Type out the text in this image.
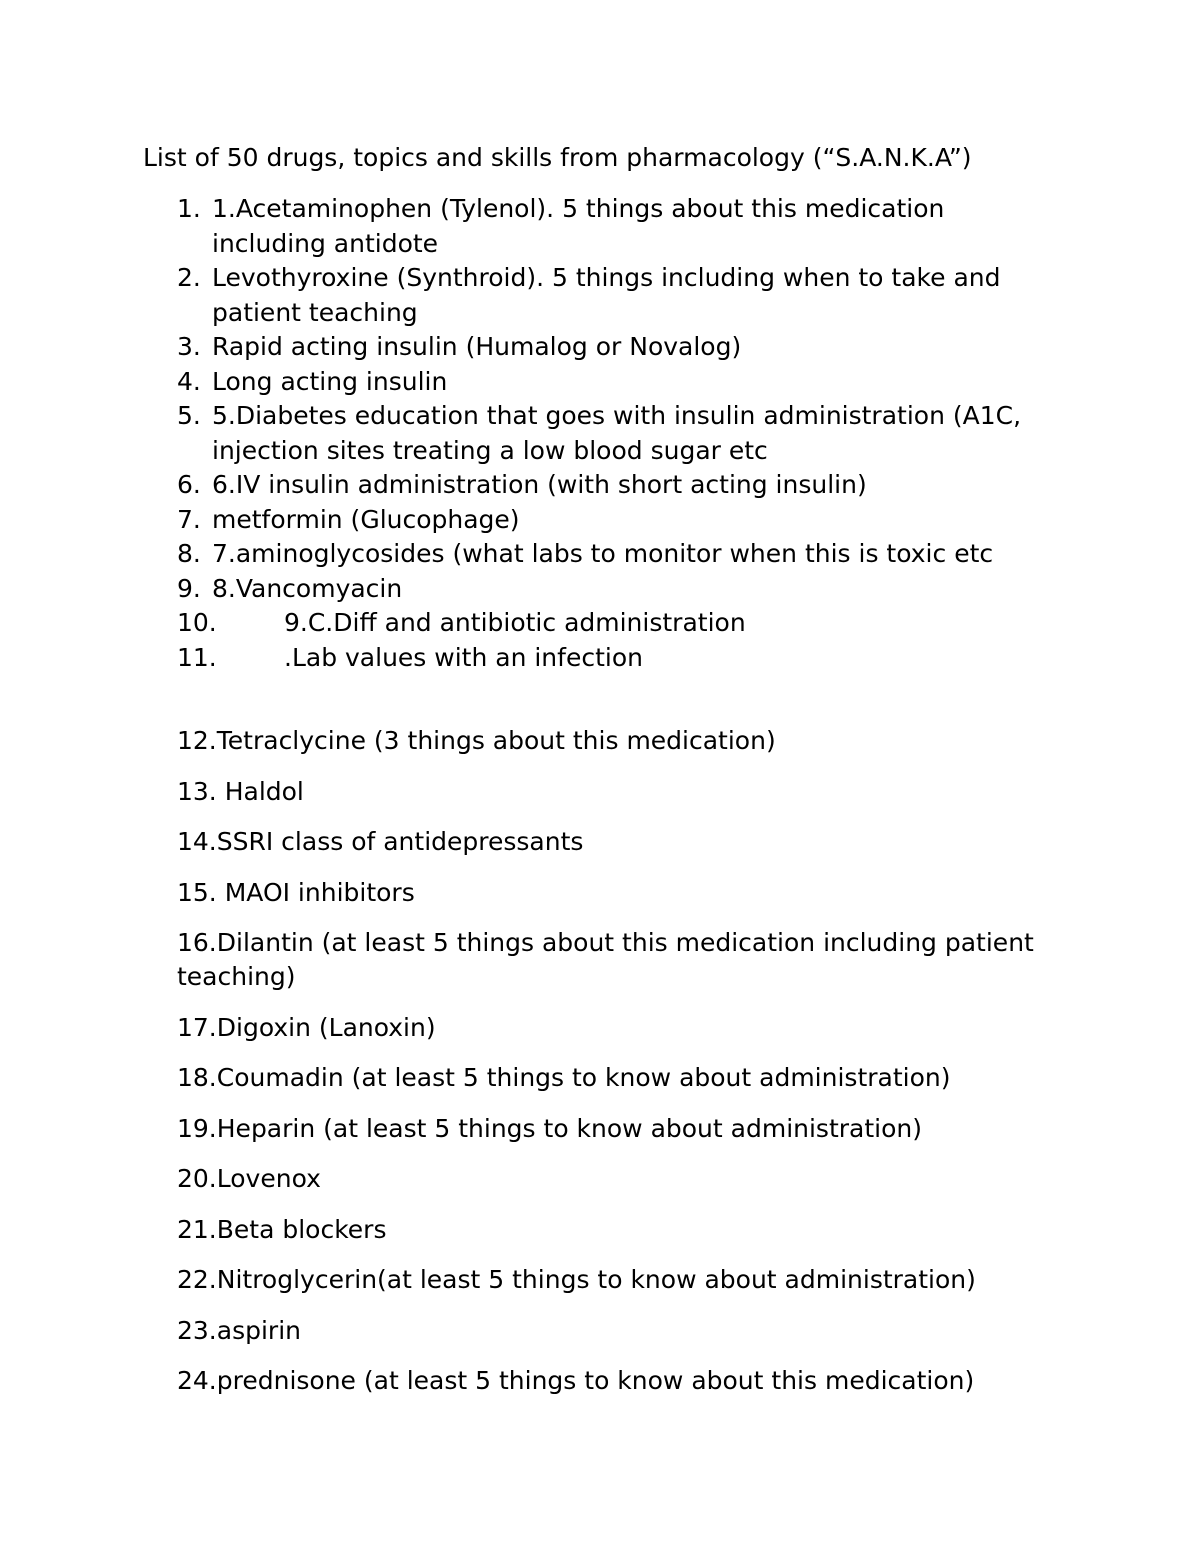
List of 50 drugs, topics and skills from pharmacology (“S.A.N.K.A”)
1. 1.Acetaminophen (Tylenol). 5 things about this medication including antidote
2. Levothyroxine (Synthroid). 5 things including when to take and patient teaching
3. Rapid acting insulin (Humalog or Novalog)
4. Long acting insulin
5. 5.Diabetes education that goes with insulin administration (A1C, injection sites treating a low blood sugar etc
6. 6.IV insulin administration (with short acting insulin)
7. metformin (Glucophage)
8. 7.aminoglycosides (what labs to monitor when this is toxic etc
9. 8.Vancomyacin
10.	9.C.Diff and antibiotic administration
11.	.Lab values with an infection

12.Tetraclycine (3 things about this medication)

13. Haldol

14.SSRI class of antidepressants

15. MAOI inhibitors

16.Dilantin (at least 5 things about this medication including patient teaching)

17.Digoxin (Lanoxin)

18.Coumadin (at least 5 things to know about administration)

19.Heparin (at least 5 things to know about administration)

20.Lovenox

21.Beta blockers

22.Nitroglycerin(at least 5 things to know about administration)

23.aspirin

24.prednisone (at least 5 things to know about this medication)
